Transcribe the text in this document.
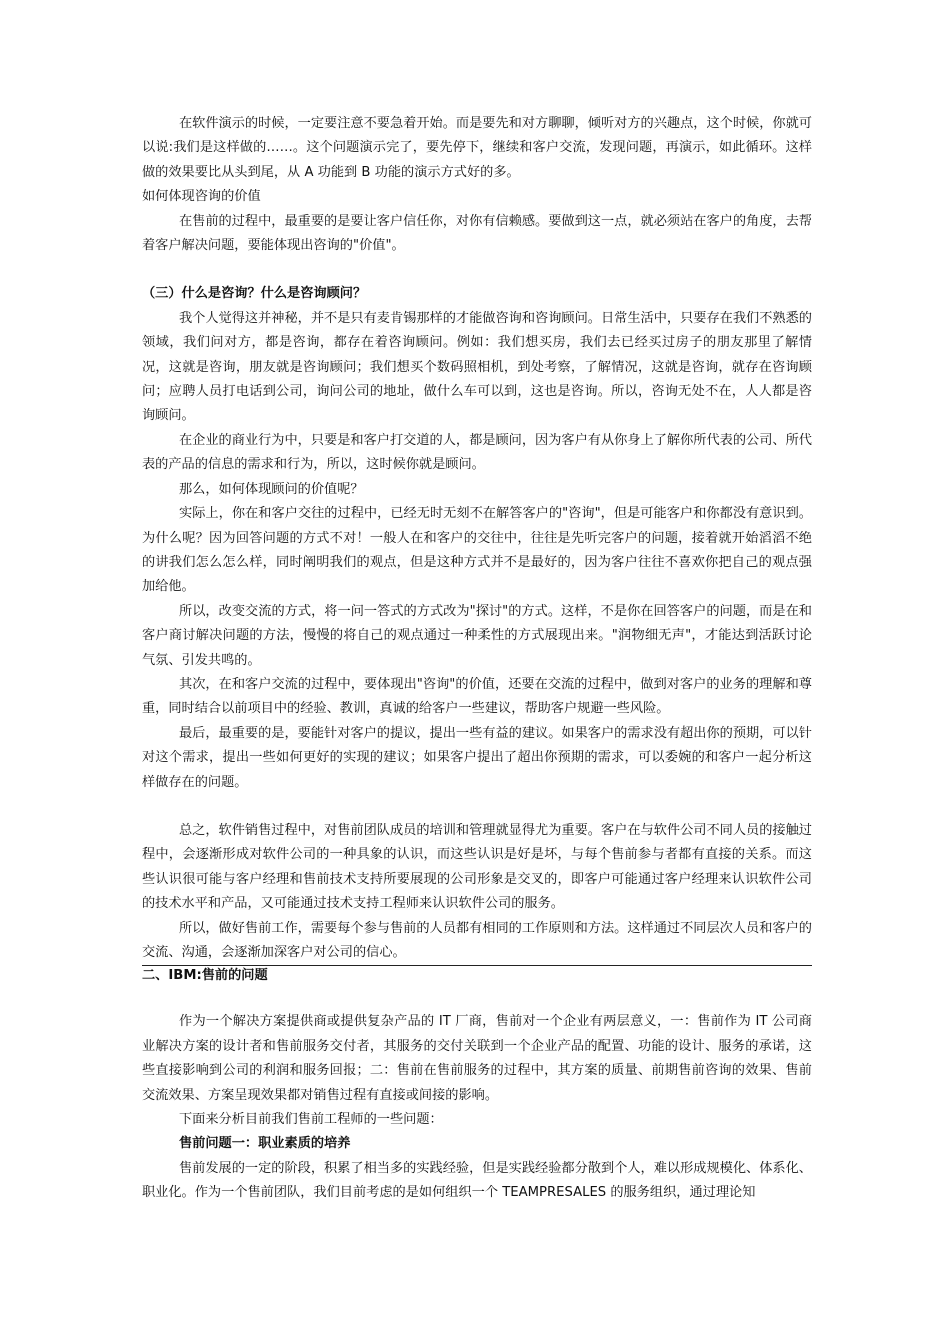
在软件演示的时候，一定要注意不要急着开始。而是要先和对方聊聊，倾听对方的兴趣点，这个时候，你就可以说:我们是这样做的……。这个问题演示完了，要先停下，继续和客户交流，发现问题，再演示，如此循环。这样做的效果要比从头到尾，从 A 功能到 B 功能的演示方式好的多。

如何体现咨询的价值

在售前的过程中，最重要的是要让客户信任你，对你有信赖感。要做到这一点，就必须站在客户的角度，去帮着客户解决问题，要能体现出咨询的"价值"。

（三）什么是咨询？什么是咨询顾问？

我个人觉得这并神秘，并不是只有麦肯锡那样的才能做咨询和咨询顾问。日常生活中，只要存在我们不熟悉的领域，我们问对方，都是咨询，都存在着咨询顾问。例如：我们想买房，我们去已经买过房子的朋友那里了解情况，这就是咨询，朋友就是咨询顾问；我们想买个数码照相机，到处考察，了解情况，这就是咨询，就存在咨询顾问；应聘人员打电话到公司，询问公司的地址，做什么车可以到，这也是咨询。所以，咨询无处不在，人人都是咨询顾问。

在企业的商业行为中，只要是和客户打交道的人，都是顾问，因为客户有从你身上了解你所代表的公司、所代表的产品的信息的需求和行为，所以，这时候你就是顾问。

那么，如何体现顾问的价值呢？

实际上，你在和客户交往的过程中，已经无时无刻不在解答客户的"咨询"，但是可能客户和你都没有意识到。为什么呢？因为回答问题的方式不对！一般人在和客户的交往中，往往是先听完客户的问题，接着就开始滔滔不绝的讲我们怎么怎么样，同时阐明我们的观点，但是这种方式并不是最好的，因为客户往往不喜欢你把自己的观点强加给他。

所以，改变交流的方式，将一问一答式的方式改为"探讨"的方式。这样，不是你在回答客户的问题，而是在和客户商讨解决问题的方法，慢慢的将自己的观点通过一种柔性的方式展现出来。"润物细无声"，才能达到活跃讨论气氛、引发共鸣的。

其次，在和客户交流的过程中，要体现出"咨询"的价值，还要在交流的过程中，做到对客户的业务的理解和尊重，同时结合以前项目中的经验、教训，真诚的给客户一些建议，帮助客户规避一些风险。

最后，最重要的是，要能针对客户的提议，提出一些有益的建议。如果客户的需求没有超出你的预期，可以针对这个需求，提出一些如何更好的实现的建议；如果客户提出了超出你预期的需求，可以委婉的和客户一起分析这样做存在的问题。

总之，软件销售过程中，对售前团队成员的培训和管理就显得尤为重要。客户在与软件公司不同人员的接触过程中，会逐渐形成对软件公司的一种具象的认识，而这些认识是好是坏，与每个售前参与者都有直接的关系。而这些认识很可能与客户经理和售前技术支持所要展现的公司形象是交叉的，即客户可能通过客户经理来认识软件公司的技术水平和产品，又可能通过技术支持工程师来认识软件公司的服务。

所以，做好售前工作，需要每个参与售前的人员都有相同的工作原则和方法。这样通过不同层次人员和客户的交流、沟通，会逐渐加深客户对公司的信心。

二、IBM:售前的问题

作为一个解决方案提供商或提供复杂产品的 IT 厂商，售前对一个企业有两层意义，一：售前作为 IT 公司商业解决方案的设计者和售前服务交付者，其服务的交付关联到一个企业产品的配置、功能的设计、服务的承诺，这些直接影响到公司的利润和服务回报；二：售前在售前服务的过程中，其方案的质量、前期售前咨询的效果、售前交流效果、方案呈现效果都对销售过程有直接或间接的影响。

下面来分析目前我们售前工程师的一些问题：

售前问题一：职业素质的培养

售前发展的一定的阶段，积累了相当多的实践经验，但是实践经验都分散到个人，难以形成规模化、体系化、职业化。作为一个售前团队，我们目前考虑的是如何组织一个 TEAMPRESALES 的服务组织，通过理论知
